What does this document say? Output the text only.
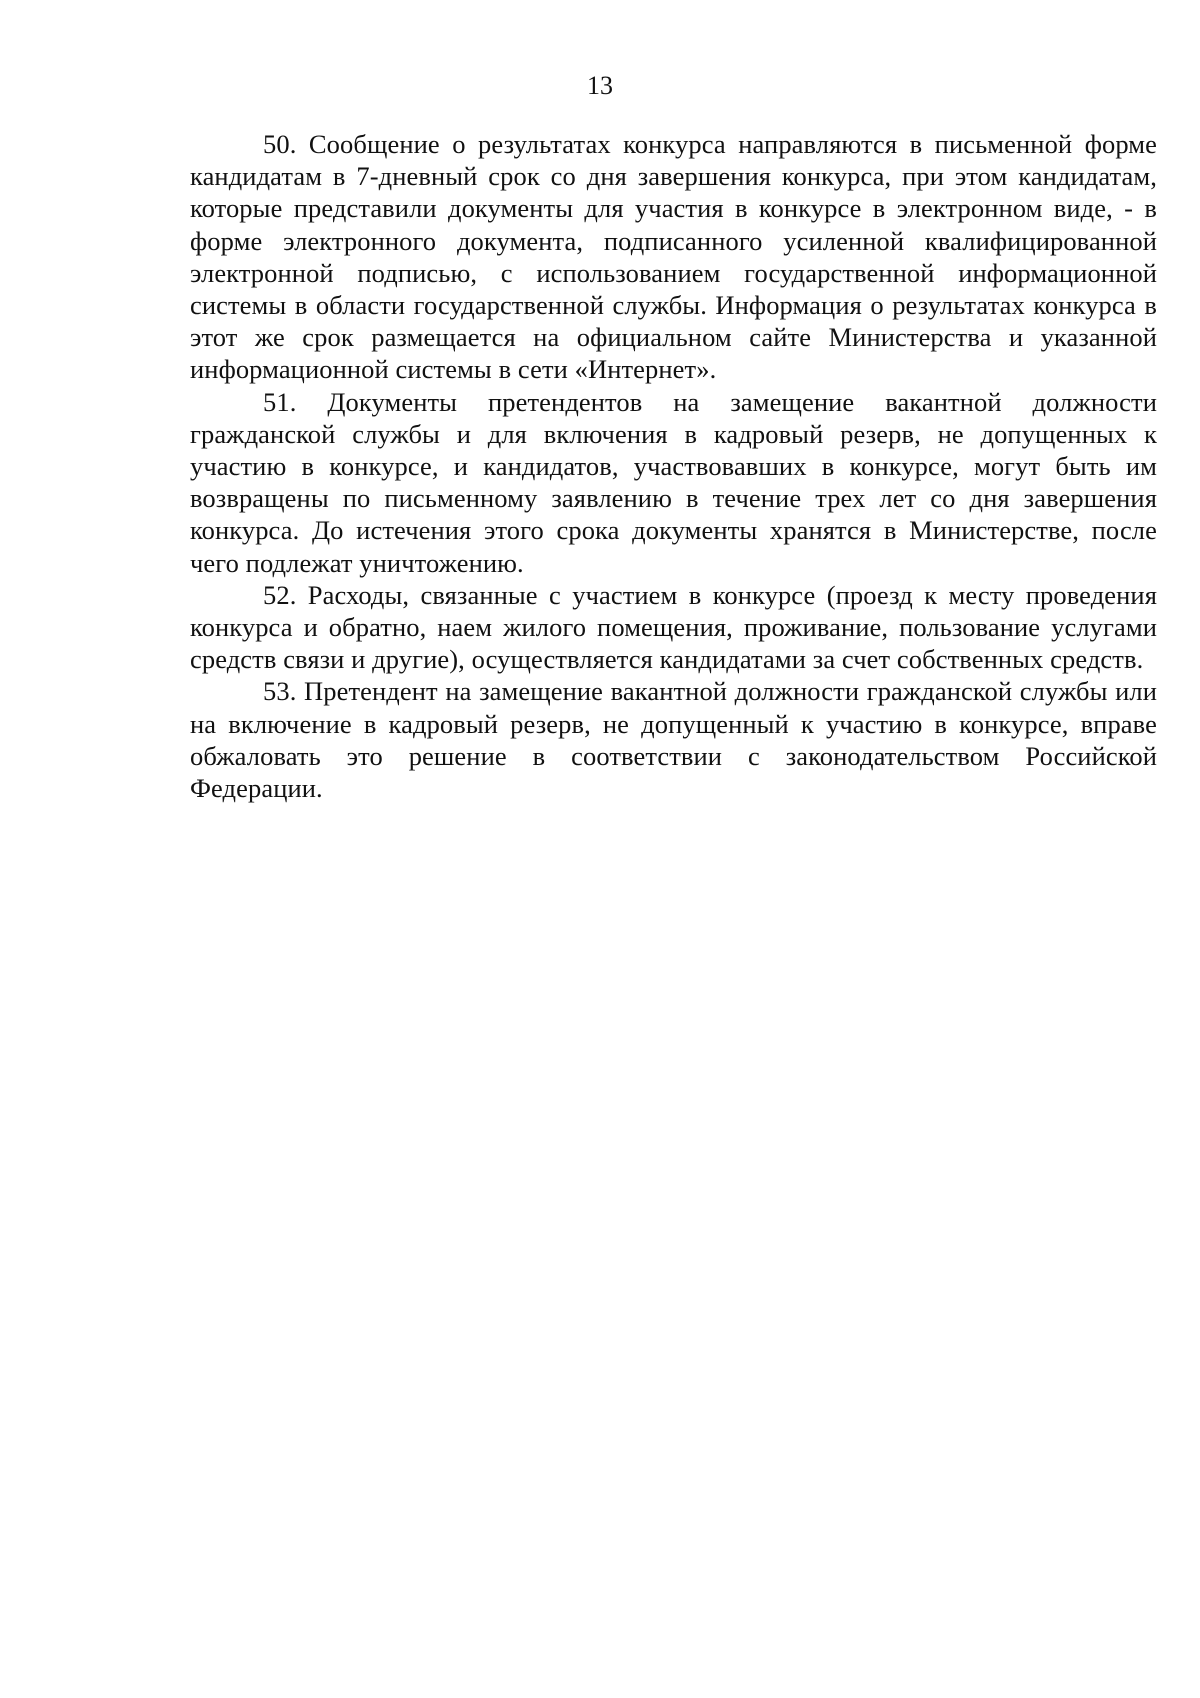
13

50. Сообщение о результатах конкурса направляются в письменной форме кандидатам в 7-дневный срок со дня завершения конкурса, при этом кандидатам, которые представили документы для участия в конкурсе в электронном виде, - в форме электронного документа, подписанного усиленной квалифицированной электронной подписью, с использованием государственной информационной системы в области государственной службы. Информация о результатах конкурса в этот же срок размещается на официальном сайте Министерства и указанной информационной системы в сети «Интернет».

51. Документы претендентов на замещение вакантной должности гражданской службы и для включения в кадровый резерв, не допущенных к участию в конкурсе, и кандидатов, участвовавших в конкурсе, могут быть им возвращены по письменному заявлению в течение трех лет со дня завершения конкурса. До истечения этого срока документы хранятся в Министерстве, после чего подлежат уничтожению.

52. Расходы, связанные с участием в конкурсе (проезд к месту проведения конкурса и обратно, наем жилого помещения, проживание, пользование услугами средств связи и другие), осуществляется кандидатами за счет собственных средств.

53. Претендент на замещение вакантной должности гражданской службы или на включение в кадровый резерв, не допущенный к участию в конкурсе, вправе обжаловать это решение в соответствии с законодательством Российской Федерации.
